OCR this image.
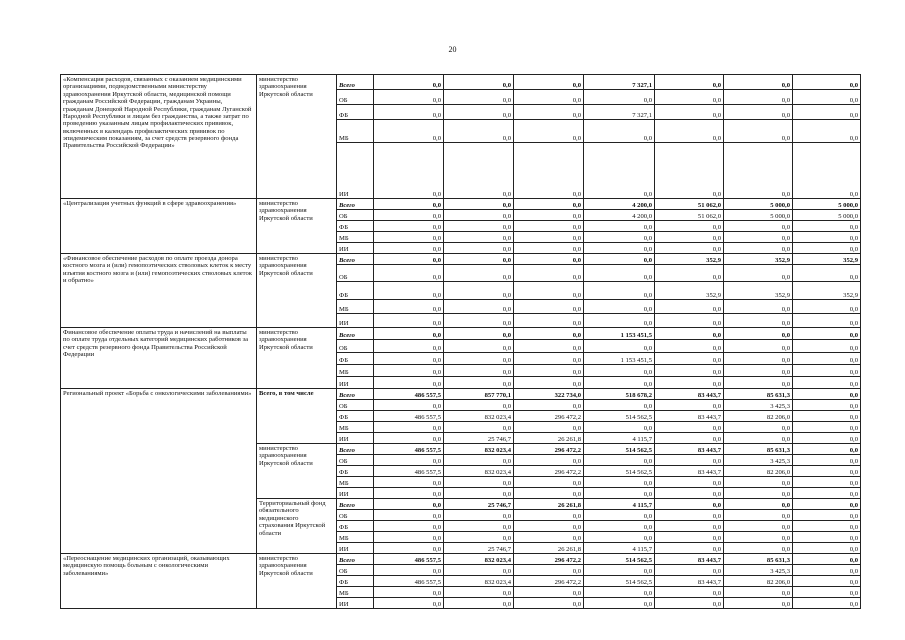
20
«Компенсация расходов, связанных с оказанием медицинскими организациями, подведомственными министерству здравоохранения Иркутской области, медицинской помощи гражданам Российской Федерации, гражданам Украины, гражданам Донецкой Народной Республики, гражданам Луганской Народной Республики и лицам без гражданства, а также затрат по проведению указанным лицам профилактических прививок, включенных в календарь профилактических прививок по эпидемическим показаниям, за счет средств резервного фонда Правительства Российской Федерации»	министерство здравоохранения Иркутской области	Всего	0,0	0,0	0,0	7 327,1	0,0	0,0	0,0
		ОБ	0,0	0,0	0,0	0,0	0,0	0,0	0,0
		ФБ	0,0	0,0	0,0	7 327,1	0,0	0,0	0,0
		МБ	0,0	0,0	0,0	0,0	0,0	0,0	0,0
		ИИ	0,0	0,0	0,0	0,0	0,0	0,0	0,0
«Централизация учетных функций в сфере здравоохранения»	министерство здравоохранения Иркутской области	Всего	0,0	0,0	0,0	4 200,0	51 062,0	5 000,0	5 000,0
		ОБ	0,0	0,0	0,0	4 200,0	51 062,0	5 000,0	5 000,0
		ФБ	0,0	0,0	0,0	0,0	0,0	0,0	0,0
		МБ	0,0	0,0	0,0	0,0	0,0	0,0	0,0
		ИИ	0,0	0,0	0,0	0,0	0,0	0,0	0,0
«Финансовое обеспечение расходов по оплате проезда донора костного мозга и (или) гемопоэтических стволовых клеток к месту изъятия костного мозга и (или) гемопоэтических стволовых клеток и обратно»	министерство здравоохранения Иркутской области	Всего	0,0	0,0	0,0	0,0	352,9	352,9	352,9
		ОБ	0,0	0,0	0,0	0,0	0,0	0,0	0,0
		ФБ	0,0	0,0	0,0	0,0	352,9	352,9	352,9
		МБ	0,0	0,0	0,0	0,0	0,0	0,0	0,0
		ИИ	0,0	0,0	0,0	0,0	0,0	0,0	0,0
Финансовое обеспечение оплаты труда и начислений на выплаты по оплате труда отдельных категорий медицинских работников за счет средств резервного фонда Правительства Российской Федерации	министерство здравоохранения Иркутской области	Всего	0,0	0,0	0,0	1 153 451,5	0,0	0,0	0,0
		ОБ	0,0	0,0	0,0	0,0	0,0	0,0	0,0
		ФБ	0,0	0,0	0,0	1 153 451,5	0,0	0,0	0,0
		МБ	0,0	0,0	0,0	0,0	0,0	0,0	0,0
		ИИ	0,0	0,0	0,0	0,0	0,0	0,0	0,0
Региональный проект «Борьба с онкологическими заболеваниями»	Всего, в том числе	Всего	486 557,5	857 770,1	322 734,0	518 678,2	83 443,7	85 631,3	0,0
		ОБ	0,0	0,0	0,0	0,0	0,0	3 425,3	0,0
		ФБ	486 557,5	832 023,4	296 472,2	514 562,5	83 443,7	82 206,0	0,0
		МБ	0,0	0,0	0,0	0,0	0,0	0,0	0,0
		ИИ	0,0	25 746,7	26 261,8	4 115,7	0,0	0,0	0,0
	министерство здравоохранения Иркутской области	Всего	486 557,5	832 023,4	296 472,2	514 562,5	83 443,7	85 631,3	0,0
		ОБ	0,0	0,0	0,0	0,0	0,0	3 425,3	0,0
		ФБ	486 557,5	832 023,4	296 472,2	514 562,5	83 443,7	82 206,0	0,0
		МБ	0,0	0,0	0,0	0,0	0,0	0,0	0,0
		ИИ	0,0	0,0	0,0	0,0	0,0	0,0	0,0
	Территориальный фонд обязательного медицинского страхования Иркутской области	Всего	0,0	25 746,7	26 261,8	4 115,7	0,0	0,0	0,0
		ОБ	0,0	0,0	0,0	0,0	0,0	0,0	0,0
		ФБ	0,0	0,0	0,0	0,0	0,0	0,0	0,0
		МБ	0,0	0,0	0,0	0,0	0,0	0,0	0,0
		ИИ	0,0	25 746,7	26 261,8	4 115,7	0,0	0,0	0,0
«Переоснащение медицинских организаций, оказывающих медицинскую помощь больным с онкологическими заболеваниями»	министерство здравоохранения Иркутской области	Всего	486 557,5	832 023,4	296 472,2	514 562,5	83 443,7	85 631,3	0,0
		ОБ	0,0	0,0	0,0	0,0	0,0	3 425,3	0,0
		ФБ	486 557,5	832 023,4	296 472,2	514 562,5	83 443,7	82 206,0	0,0
		МБ	0,0	0,0	0,0	0,0	0,0	0,0	0,0
		ИИ	0,0	0,0	0,0	0,0	0,0	0,0	0,0
